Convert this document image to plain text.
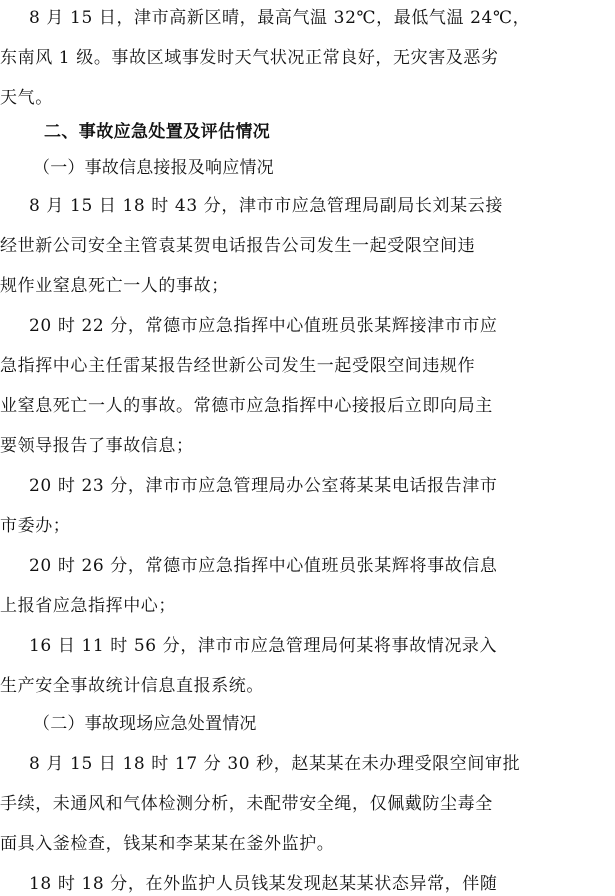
8 月 15 日，津市高新区晴，最高气温 32℃，最低气温 24℃，
东南风 1 级。事故区域事发时天气状况正常良好，无灾害及恶劣
天气。
二、事故应急处置及评估情况
（一）事故信息接报及响应情况
8 月 15 日 18 时 43 分，津市市应急管理局副局长刘某云接
经世新公司安全主管袁某贺电话报告公司发生一起受限空间违
规作业窒息死亡一人的事故；
20 时 22 分，常德市应急指挥中心值班员张某辉接津市市应
急指挥中心主任雷某报告经世新公司发生一起受限空间违规作
业窒息死亡一人的事故。常德市应急指挥中心接报后立即向局主
要领导报告了事故信息；
20 时 23 分，津市市应急管理局办公室蒋某某电话报告津市
市委办；
20 时 26 分，常德市应急指挥中心值班员张某辉将事故信息
上报省应急指挥中心；
16 日 11 时 56 分，津市市应急管理局何某将事故情况录入
生产安全事故统计信息直报系统。
（二）事故现场应急处置情况
8 月 15 日 18 时 17 分 30 秒，赵某某在未办理受限空间审批
手续，未通风和气体检测分析，未配带安全绳，仅佩戴防尘毒全
面具入釜检查，钱某和李某某在釜外监护。
18 时 18 分，在外监护人员钱某发现赵某某状态异常，伴随
